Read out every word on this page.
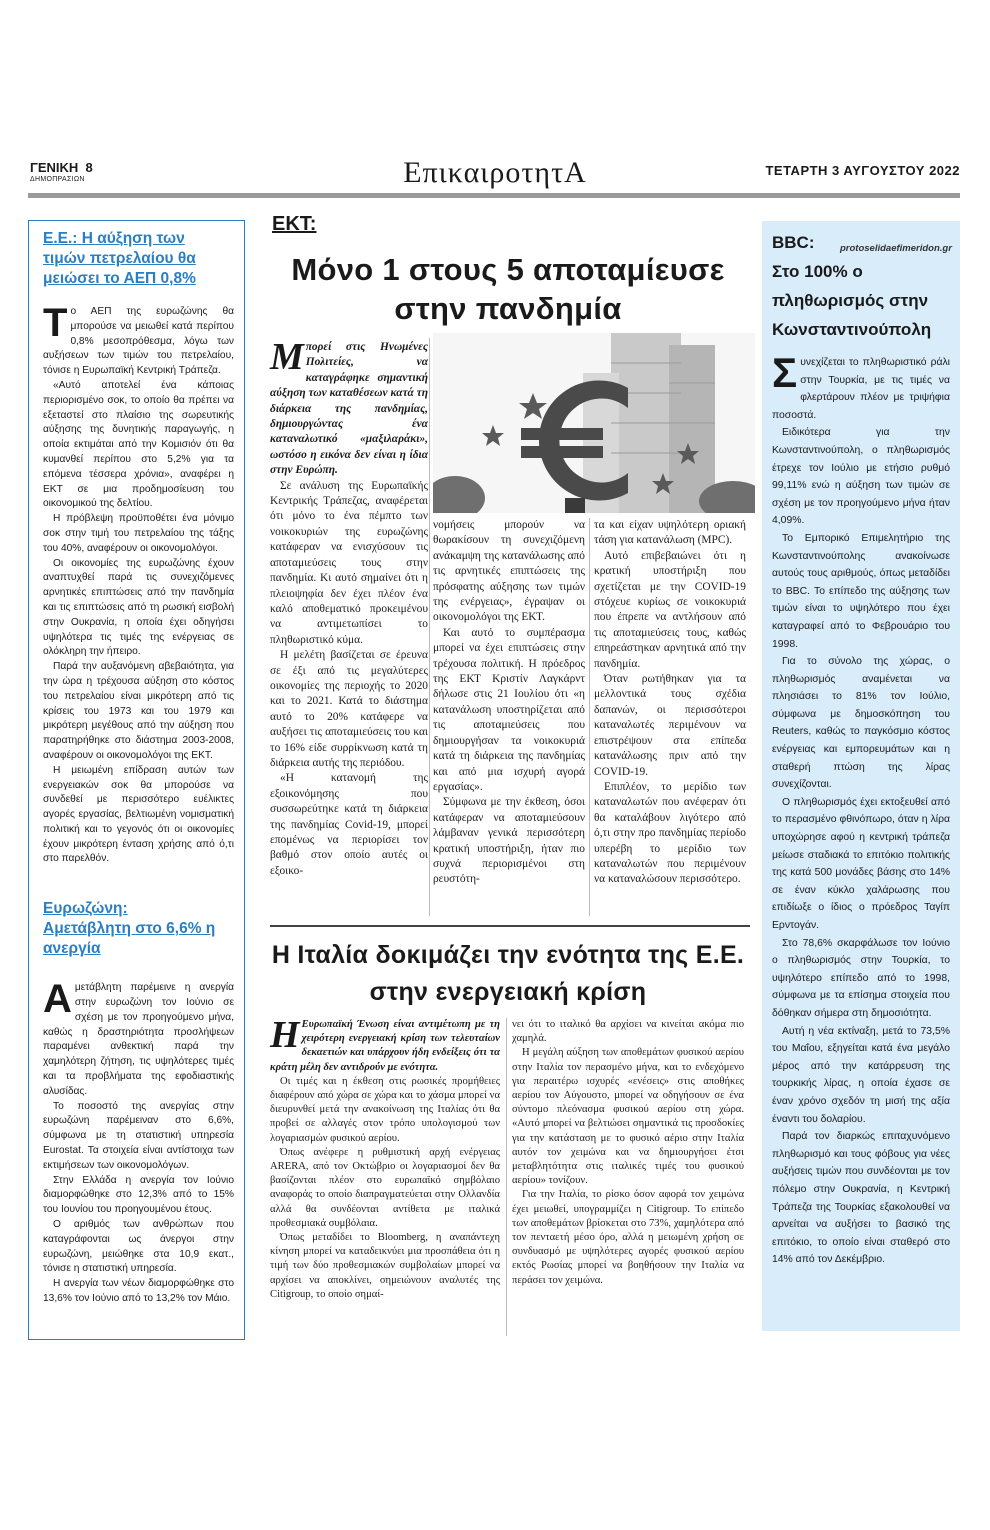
ΓΕΝΙΚΗ 8
ΔΗΜΟΠΡΑΣΙΩΝ	ΕπικαιροτητΑ	ΤΕΤΑΡΤΗ 3 ΑΥΓΟΥΣΤΟΥ 2022
Ε.Ε.: Η αύξηση των τιμών πετρελαίου θα μειώσει το ΑΕΠ 0,8%

Το ΑΕΠ της ευρωζώνης θα μπορούσε να μειωθεί κατά περίπου 0,8% μεσοπρόθεσμα, λόγω των αυξήσεων των τιμών του πετρελαίου, τόνισε η Ευρωπαϊκή Κεντρική Τράπεζα.

«Αυτό αποτελεί ένα κάποιας περιορισμένο σοκ, το οποίο θα πρέπει να εξεταστεί στο πλαίσιο της σωρευτικής αύξησης της δυνητικής παραγωγής, η οποία εκτιμάται από την Κομισιόν ότι θα κυμανθεί περίπου στο 5,2% για τα επόμενα τέσσερα χρόνια», αναφέρει η ΕΚΤ σε μια προδημοσίευση του οικονομικού της δελτίου.

Η πρόβλεψη προϋποθέτει ένα μόνιμο σοκ στην τιμή του πετρελαίου της τάξης του 40%, αναφέρουν οι οικονομολόγοι.

Οι οικονομίες της ευρωζώνης έχουν αναπτυχθεί παρά τις συνεχιζόμενες αρνητικές επιπτώσεις από την πανδημία και τις επιπτώσεις από τη ρωσική εισβολή στην Ουκρανία, η οποία έχει οδηγήσει υψηλότερα τις τιμές της ενέργειας σε ολόκληρη την ήπειρο.

Παρά την αυξανόμενη αβεβαιότητα, για την ώρα η τρέχουσα αύξηση στο κόστος του πετρελαίου είναι μικρότερη από τις κρίσεις του 1973 και του 1979 και μικρότερη μεγέθους από την αύξηση που παρατηρήθηκε στο διάστημα 2003-2008, αναφέρουν οι οικονομολόγοι της ΕΚΤ.

Η μειωμένη επίδραση αυτών των ενεργειακών σοκ θα μπορούσε να συνδεθεί με περισσότερο ευέλικτες αγορές εργασίας, βελτιωμένη νομισματική πολιτική και το γεγονός ότι οι οικονομίες έχουν μικρότερη ένταση χρήσης από ό,τι στο παρελθόν.

Ευρωζώνη: Αμετάβλητη στο 6,6% η ανεργία

Αμετάβλητη παρέμεινε η ανεργία στην ευρωζώνη τον Ιούνιο σε σχέση με τον προηγούμενο μήνα, καθώς η δραστηριότητα προσλήψεων παραμένει ανθεκτική παρά την χαμηλότερη ζήτηση, τις υψηλότερες τιμές και τα προβλήματα της εφοδιαστικής αλυσίδας.

Το ποσοστό της ανεργίας στην ευρωζώνη παρέμειναν στο 6,6%, σύμφωνα με τη στατιστική υπηρεσία Eurostat. Τα στοιχεία είναι αντίστοιχα των εκτιμήσεων των οικονομολόγων.

Στην Ελλάδα η ανεργία τον Ιούνιο διαμορφώθηκε στο 12,3% από το 15% του Ιουνίου του προηγουμένου έτους.

Ο αριθμός των ανθρώπων που καταγράφονται ως άνεργοι στην ευρωζώνη, μειώθηκε στα 10,9 εκατ., τόνισε η στατιστική υπηρεσία.

Η ανεργία των νέων διαμορφώθηκε στο 13,6% τον Ιούνιο από το 13,2% τον Μάιο.

ΕΚΤ:
Μόνο 1 στους 5 αποταμίευσε στην πανδημία

Μπορεί στις Ηνωμένες Πολιτείες, να καταγράφηκε σημαντική αύξηση των καταθέσεων κατά τη διάρκεια της πανδημίας, δημιουργώντας ένα καταναλωτικό «μαξιλαράκι», ωστόσο η εικόνα δεν είναι η ίδια στην Ευρώπη.

Σε ανάλυση της Ευρωπαϊκής Κεντρικής Τράπεζας, αναφέρεται ότι μόνο το ένα πέμπτο των νοικοκυριών της ευρωζώνης κατάφεραν να ενισχύσουν τις αποταμιεύσεις τους στην πανδημία. Κι αυτό σημαίνει ότι η πλειοψηφία δεν έχει πλέον ένα καλό αποθεματικό προκειμένου να αντιμετωπίσει το πληθωριστικό κύμα.

Η μελέτη βασίζεται σε έρευνα σε έξι από τις μεγαλύτερες οικονομίες της περιοχής το 2020 και το 2021. Κατά το διάστημα αυτό το 20% κατάφερε να αυξήσει τις αποταμιεύσεις του και το 16% είδε συρρίκνωση κατά τη διάρκεια αυτής της περιόδου.

«Η κατανομή της εξοικονόμησης που συσσωρεύτηκε κατά τη διάρκεια της πανδημίας Covid-19, μπορεί επομένως να περιορίσει τον βαθμό στον οποίο αυτές οι εξοικο-

νομήσεις μπορούν να θωρακίσουν τη συνεχιζόμενη ανάκαμψη της κατανάλωσης από τις αρνητικές επιπτώσεις της πρόσφατης αύξησης των τιμών της ενέργειας», έγραψαν οι οικονομολόγοι της ΕΚΤ.

Και αυτό το συμπέρασμα μπορεί να έχει επιπτώσεις στην τρέχουσα πολιτική. Η πρόεδρος της ΕΚΤ Κριστίν Λαγκάρντ δήλωσε στις 21 Ιουλίου ότι «η κατανάλωση υποστηρίζεται από τις αποταμιεύσεις που δημιουργήσαν τα νοικοκυριά κατά τη διάρκεια της πανδημίας και από μια ισχυρή αγορά εργασίας».

Σύμφωνα με την έκθεση, όσοι κατάφεραν να αποταμιεύσουν λάμβαναν γενικά περισσότερη κρατική υποστήριξη, ήταν πιο συχνά περιορισμένοι στη ρευστότη-

τα και είχαν υψηλότερη οριακή τάση για κατανάλωση (MPC).

Αυτό επιβεβαιώνει ότι η κρατική υποστήριξη που σχετίζεται με την COVID-19 στόχευε κυρίως σε νοικοκυριά που έπρεπε να αντλήσουν από τις αποταμιεύσεις τους, καθώς επηρεάστηκαν αρνητικά από την πανδημία.

Όταν ρωτήθηκαν για τα μελλοντικά τους σχέδια δαπανών, οι περισσότεροι καταναλωτές περιμένουν να επιστρέψουν στα επίπεδα κατανάλωσης πριν από την COVID-19.

Επιπλέον, το μερίδιο των καταναλωτών που ανέφεραν ότι θα καταλάβουν λιγότερο από ό,τι στην προ πανδημίας περίοδο υπερέβη το μερίδιο των καταναλωτών που περιμένουν να καταναλώσουν περισσότερο.

Η Ιταλία δοκιμάζει την ενότητα της Ε.Ε. στην ενεργειακή κρίση

Η Ευρωπαϊκή Ένωση είναι αντιμέτωπη με τη χειρότερη ενεργειακή κρίση των τελευταίων δεκαετιών και υπάρχουν ήδη ενδείξεις ότι τα κράτη μέλη δεν αντιδρούν με ενότητα.

Οι τιμές και η έκθεση στις ρωσικές προμήθειες διαφέρουν από χώρα σε χώρα και το χάσμα μπορεί να διευρυνθεί μετά την ανακοίνωση της Ιταλίας ότι θα προβεί σε αλλαγές στον τρόπο υπολογισμού των λογαριασμών φυσικού αερίου.

Όπως ανέφερε η ρυθμιστική αρχή ενέργειας ARERA, από τον Οκτώβριο οι λογαριασμοί δεν θα βασίζονται πλέον στο ευρωπαϊκό σημβόλαιο αναφοράς το οποίο διαπραγματεύεται στην Ολλανδία αλλά θα συνδέονται αντίθετα με ιταλικά προθεσμιακά συμβόλαια.

Όπως μεταδίδει το Bloomberg, η αναπάντεχη κίνηση μπορεί να καταδεικνύει μια προσπάθεια ότι η τιμή των δύο προθεσμιακών συμβολαίων μπορεί να αρχίσει να αποκλίνει, σημειώνουν αναλυτές της Citigroup, το οποίο σημαί-

νει ότι το ιταλικό θα αρχίσει να κινείται ακόμα πιο χαμηλά.

Η μεγάλη αύξηση των αποθεμάτων φυσικού αερίου στην Ιταλία τον περασμένο μήνα, και το ενδεχόμενο για περαιτέρω ισχυρές «ενέσεις» στις αποθήκες αερίου τον Αύγουστο, μπορεί να οδηγήσουν σε ένα σύντομο πλεόνασμα φυσικού αερίου στη χώρα. «Αυτό μπορεί να βελτιώσει σημαντικά τις προσδοκίες για την κατάσταση με το φυσικό αέριο στην Ιταλία αυτόν τον χειμώνα και να δημιουργήσει έτσι μεταβλητότητα στις ιταλικές τιμές του φυσικού αερίου» τονίζουν.

Για την Ιταλία, το ρίσκο όσον αφορά τον χειμώνα έχει μειωθεί, υπογραμμίζει η Citigroup. Το επίπεδο των αποθεμάτων βρίσκεται στο 73%, χαμηλότερα από τον πενταετή μέσο όρο, αλλά η μειωμένη χρήση σε συνδυασμό με υψηλότερες αγορές φυσικού αερίου εκτός Ρωσίας μπορεί να βοηθήσουν την Ιταλία να περάσει τον χειμώνα.

BBC:
Στο 100% ο πληθωρισμός στην Κωνσταντινούπολη

Συνεχίζεται το πληθωριστικό ράλι στην Τουρκία, με τις τιμές να φλερτάρουν πλέον με τριψήφια ποσοστά.

Ειδικότερα για την Κωνσταντινούπολη, ο πληθωρισμός έτρεχε τον Ιούλιο με ετήσιο ρυθμό 99,11% ενώ η αύξηση των τιμών σε σχέση με τον προηγούμενο μήνα ήταν 4,09%.

Το Εμπορικό Επιμελητήριο της Κωνσταντινούπολης ανακοίνωσε αυτούς τους αριθμούς, όπως μεταδίδει το BBC. Το επίπεδο της αύξησης των τιμών είναι το υψηλότερο που έχει καταγραφεί από το Φεβρουάριο του 1998.

Για το σύνολο της χώρας, ο πληθωρισμός αναμένεται να πλησιάσει το 81% τον Ιούλιο, σύμφωνα με δημοσκόπηση του Reuters, καθώς το παγκόσμιο κόστος ενέργειας και εμπορευμάτων και η σταθερή πτώση της λίρας συνεχίζονται.

Ο πληθωρισμός έχει εκτοξευθεί από το περασμένο φθινόπωρο, όταν η λίρα υποχώρησε αφού η κεντρική τράπεζα μείωσε σταδιακά το επιτόκιο πολιτικής της κατά 500 μονάδες βάσης στο 14% σε έναν κύκλο χαλάρωσης που επιδίωξε ο ίδιος ο πρόεδρος Ταγίπ Ερντογάν.

Στο 78,6% σκαρφάλωσε τον Ιούνιο ο πληθωρισμός στην Τουρκία, το υψηλότερο επίπεδο από το 1998, σύμφωνα με τα επίσημα στοιχεία που δόθηκαν σήμερα στη δημοσιότητα.

Αυτή η νέα εκτίναξη, μετά το 73,5% του Μαΐου, εξηγείται κατά ένα μεγάλο μέρος από την κατάρρευση της τουρκικής λίρας, η οποία έχασε σε έναν χρόνο σχεδόν τη μισή της αξία έναντι του δολαρίου.

Παρά τον διαρκώς επιταχυνόμενο πληθωρισμό και τους φόβους για νέες αυξήσεις τιμών που συνδέονται με τον πόλεμο στην Ουκρανία, η Κεντρική Τράπεζα της Τουρκίας εξακολουθεί να αρνείται να αυξήσει το βασικό της επιτόκιο, το οποίο είναι σταθερό στο 14% από τον Δεκέμβριο.

protoselidaefimeridon.gr
